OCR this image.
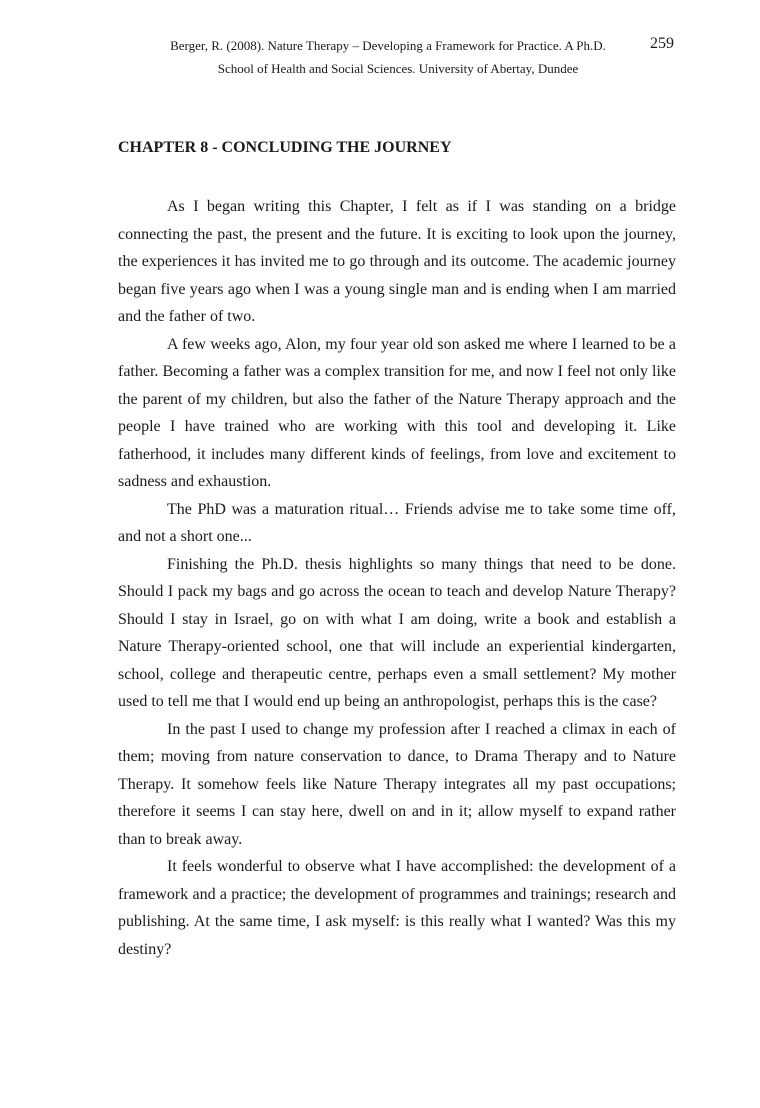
Berger, R. (2008). Nature Therapy – Developing a Framework for Practice. A Ph.D.
School of Health and Social Sciences. University of Abertay, Dundee
259
CHAPTER 8 - CONCLUDING THE JOURNEY

As I began writing this Chapter, I felt as if I was standing on a bridge connecting the past, the present and the future. It is exciting to look upon the journey, the experiences it has invited me to go through and its outcome. The academic journey began five years ago when I was a young single man and is ending when I am married and the father of two.

A few weeks ago, Alon, my four year old son asked me where I learned to be a father. Becoming a father was a complex transition for me, and now I feel not only like the parent of my children, but also the father of the Nature Therapy approach and the people I have trained who are working with this tool and developing it. Like fatherhood, it includes many different kinds of feelings, from love and excitement to sadness and exhaustion.

The PhD was a maturation ritual… Friends advise me to take some time off, and not a short one...

Finishing the Ph.D. thesis highlights so many things that need to be done. Should I pack my bags and go across the ocean to teach and develop Nature Therapy? Should I stay in Israel, go on with what I am doing, write a book and establish a Nature Therapy-oriented school, one that will include an experiential kindergarten, school, college and therapeutic centre, perhaps even a small settlement? My mother used to tell me that I would end up being an anthropologist, perhaps this is the case?

In the past I used to change my profession after I reached a climax in each of them; moving from nature conservation to dance, to Drama Therapy and to Nature Therapy. It somehow feels like Nature Therapy integrates all my past occupations; therefore it seems I can stay here, dwell on and in it; allow myself to expand rather than to break away.

It feels wonderful to observe what I have accomplished: the development of a framework and a practice; the development of programmes and trainings; research and publishing. At the same time, I ask myself: is this really what I wanted? Was this my destiny?
